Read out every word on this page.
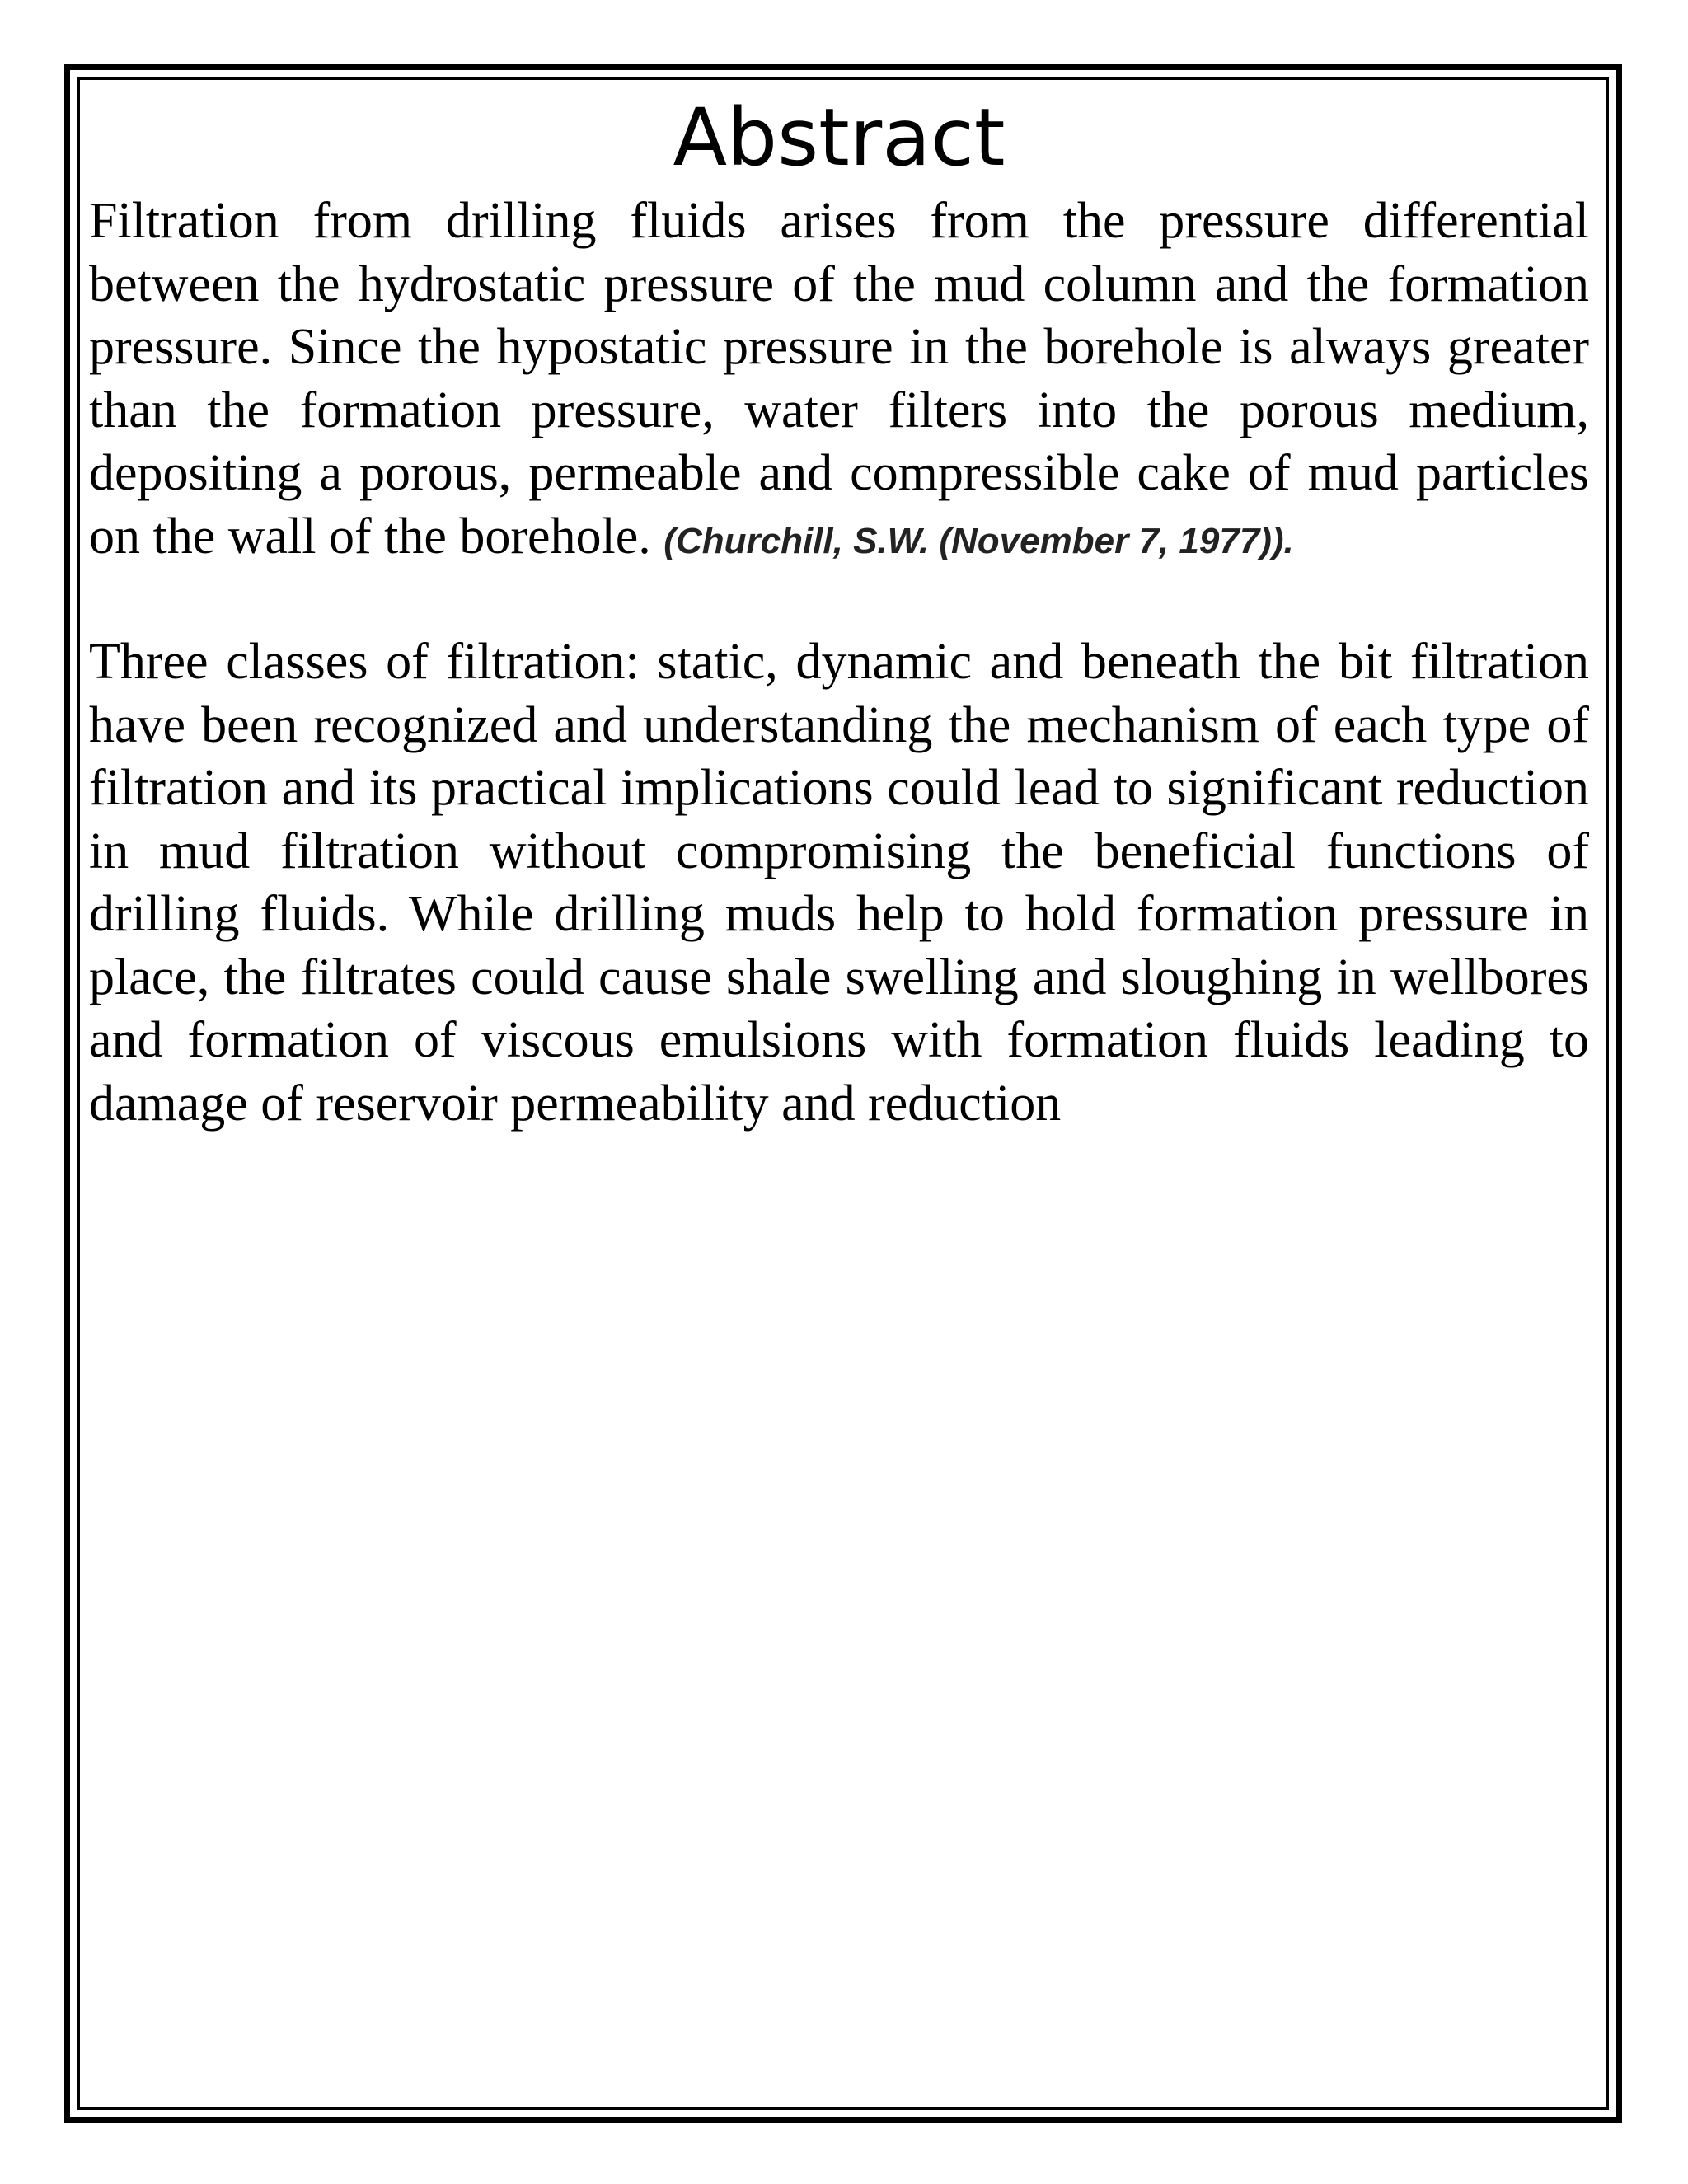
Abstract

Filtration from drilling fluids arises from the pressure differential between the hydrostatic pressure of the mud column and the formation pressure. Since the hypostatic pressure in the borehole is always greater than the formation pressure, water filters into the porous medium, depositing a porous, permeable and compressible cake of mud particles on the wall of the borehole. (Churchill, S.W. (November 7, 1977)).

Three classes of filtration: static, dynamic and beneath the bit filtration have been recognized and understanding the mechanism of each type of filtration and its practical implications could lead to significant reduction in mud filtration without compromising the beneficial functions of drilling fluids. While drilling muds help to hold formation pressure in place, the filtrates could cause shale swelling and sloughing in wellbores and formation of viscous emulsions with formation fluids leading to damage of reservoir permeability and reduction
